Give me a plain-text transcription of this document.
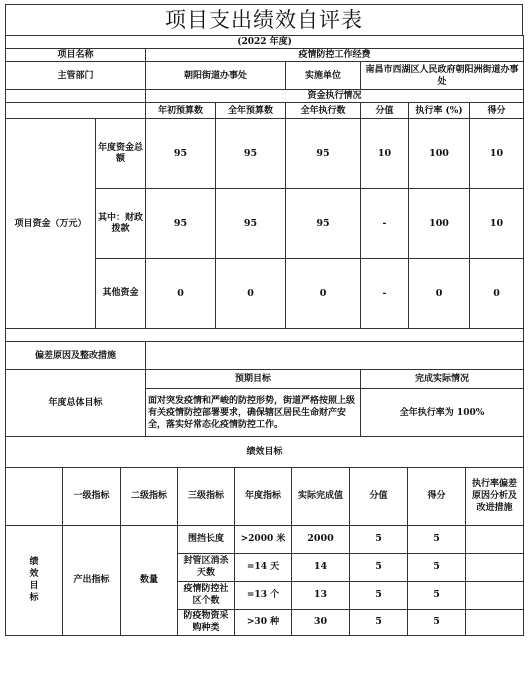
项目支出绩效自评表
(2022 年度)							
项目名称		疫情防控工作经费					
主管部门		朝阳街道办事处		实施单位	南昌市西湖区人民政府朝阳洲街道办事处		
		资金执行情况					
		年初预算数	全年预算数	全年执行数	分值	执行率 (%)	得分
项目资金（万元）	年度资金总额	95	95	95	10	100	10
	其中：财政拨款	95	95	95	-	100	10
	其他资金	0	0	0	-	0	0

偏差原因及整改措施							
年度总体目标		预期目标			完成实际情况		
		面对突发疫情和严峻的防控形势，街道严格按照上级有关疫情防控部署要求，确保辖区居民生命财产安全，落实好常态化疫情防控工作。			全年执行率为 100%		
绩效目标								
	一级指标	二级指标	三级指标	年度指标	实际完成值	分值	得分	执行率偏差原因分析及改进措施
绩效目标	产出指标	数量	围挡长度	>2000 米	2000	5	5	
			封管区消杀天数	=14 天	14	5	5	
			疫情防控社区个数	=13 个	13	5	5	
			防疫物资采购种类	>30 种	30	5	5	
